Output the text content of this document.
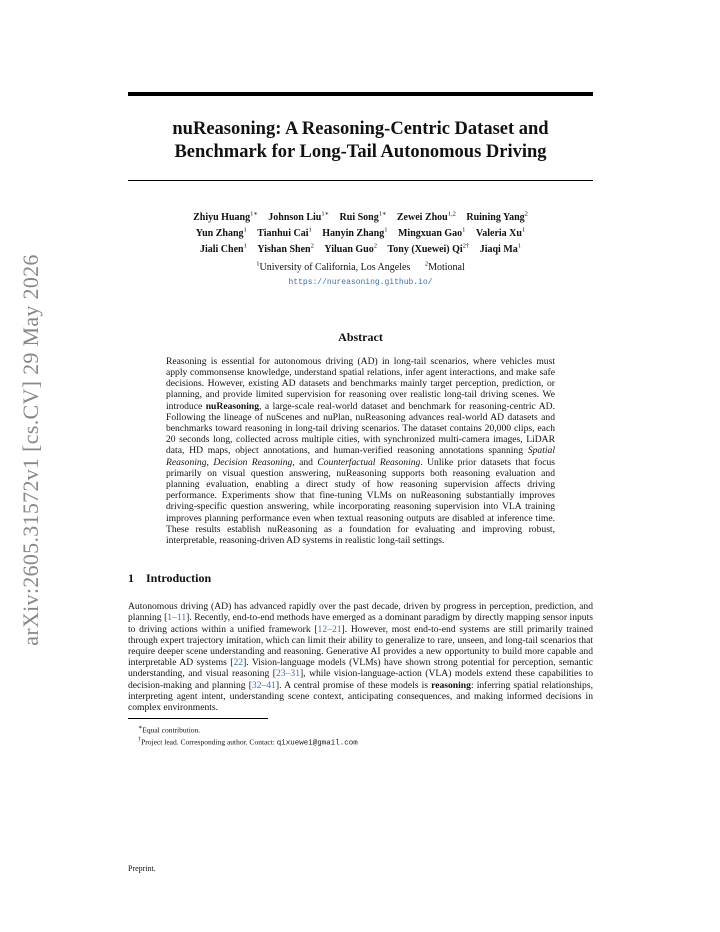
arXiv:2605.31572v1 [cs.CV] 29 May 2026
nuReasoning: A Reasoning-Centric Dataset and
Benchmark for Long-Tail Autonomous Driving
Zhiyu Huang$^{1∗}$ Johnson Liu$^{1∗}$ Rui Song$^{1∗}$ Zewei Zhou$^{1,2}$ Ruining Yang$^2$
Yun Zhang$^1$ Tianhui Cai$^1$ Hanyin Zhang$^1$ Mingxuan Gao$^1$ Valeria Xu$^1$
Jiali Chen$^1$ Yishan Shen$^2$ Yiluan Guo$^2$ Tony (Xuewei) $Qi^{2\dagger}$ Jiaqi Ma$^1$
$^1$University of California, Los Angeles $^2$Motional
https://nureasoning.github.io/
Abstract
Reasoning is essential for autonomous driving (AD) in long-tail scenarios, where vehicles must apply commonsense knowledge, understand spatial relations, infer agent interactions, and make safe decisions. However, existing AD datasets and benchmarks mainly target perception, prediction, or planning, and provide limited supervision for reasoning over realistic long-tail driving scenes. We introduce nuReasoning, a large-scale real-world dataset and benchmark for reasoning-centric AD. Following the lineage of nuScenes and nuPlan, nuReasoning advances real-world AD datasets and benchmarks toward reasoning in long-tail driving scenarios. The dataset contains 20,000 clips, each 20 seconds long, collected across multiple cities, with synchronized multi-camera images, LiDAR data, HD maps, object annotations, and human-verified reasoning annotations spanning Spatial Reasoning, Decision Reasoning, and Counterfactual Reasoning. Unlike prior datasets that focus primarily on visual question answering, nuReasoning supports both reasoning evaluation and planning evaluation, enabling a direct study of how reasoning supervision affects driving performance. Experiments show that fine-tuning VLMs on nuReasoning substantially improves driving-specific question answering, while incorporating reasoning supervision into VLA training improves planning performance even when textual reasoning outputs are disabled at inference time. These results establish nuReasoning as a foundation for evaluating and improving robust, interpretable, reasoning-driven AD systems in realistic long-tail settings.
1 Introduction
Autonomous driving (AD) has advanced rapidly over the past decade, driven by progress in perception, prediction, and planning [1–11]. Recently, end-to-end methods have emerged as a dominant paradigm by directly mapping sensor inputs to driving actions within a unified framework [12–21]. However, most end-to-end systems are still primarily trained through expert trajectory imitation, which can limit their ability to generalize to rare, unseen, and long-tail scenarios that require deeper scene understanding and reasoning. Generative AI provides a new opportunity to build more capable and interpretable AD systems [22]. Vision-language models (VLMs) have shown strong potential for perception, semantic understanding, and visual reasoning [23–31], while vision-language-action (VLA) models extend these capabilities to decision-making and planning [32–41]. A central promise of these models is reasoning: inferring spatial relationships, interpreting agent intent, understanding scene context, anticipating consequences, and making informed decisions in complex environments.
∗Equal contribution.
†Project lead. Corresponding author. Contact: qixuewei@gmail.com
Preprint.
